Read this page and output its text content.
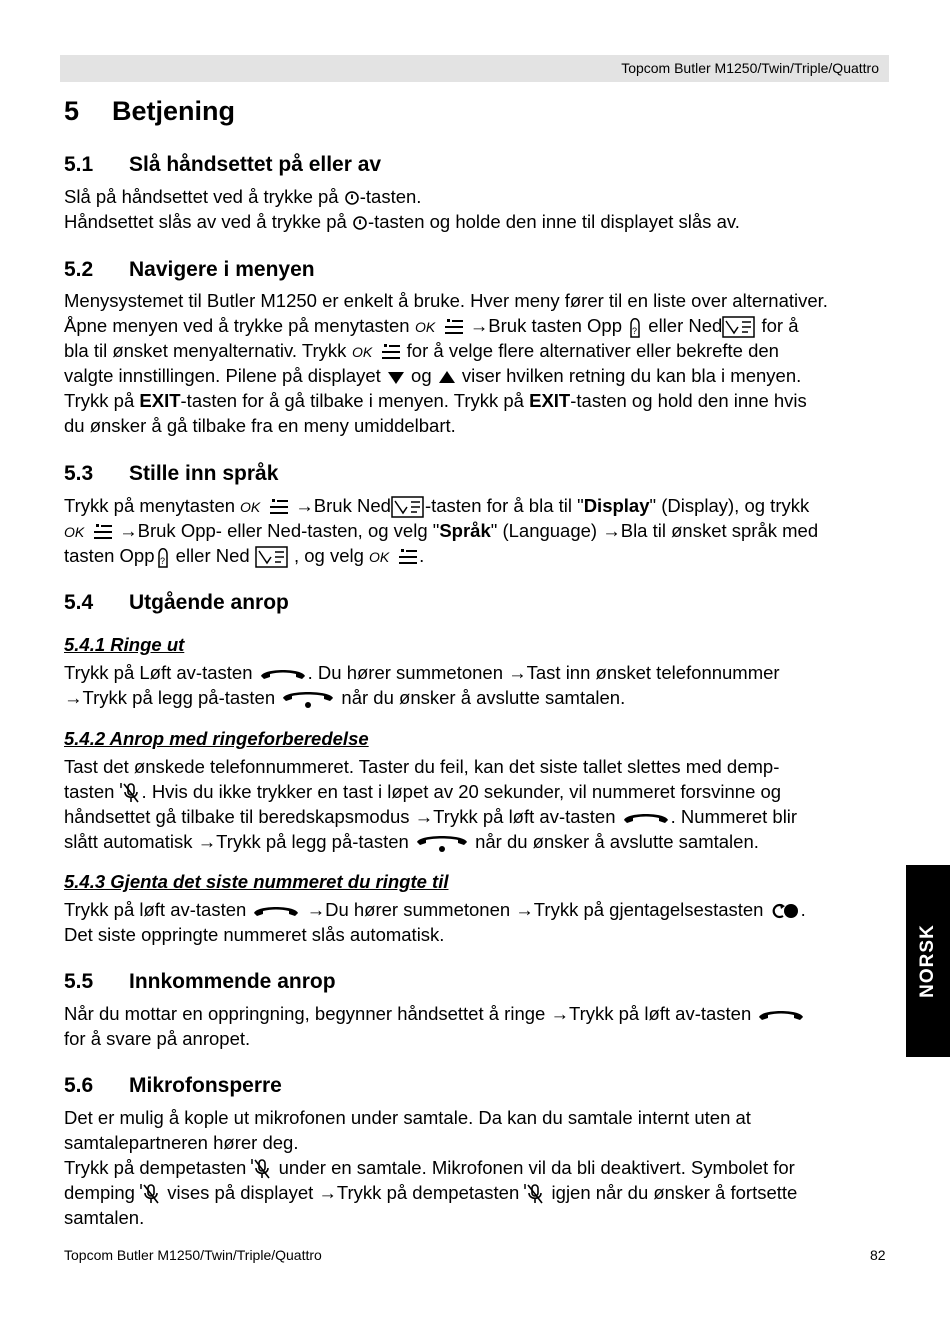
Topcom Butler M1250/Twin/Triple/Quattro
5 Betjening
5.1 Slå håndsettet på eller av
Slå på håndsettet ved å trykke på
-tasten.
Håndsettet slås av ved å trykke på
-tasten og holde den inne til displayet slås av.
5.2 Navigere i menyen
Menysystemet til Butler M1250 er enkelt å bruke. Hver meny fører til en liste over alternativer.
Åpne menyen ved å trykke på menytasten OK →Bruk tasten Opp ? eller Ned
for å
bla til ønsket menyalternativ. Trykk OK for å velge flere alternativer eller bekrefte den
valgte innstillingen. Pilene på displayet
og
viser hvilken retning du kan bla i menyen.
Trykk på EXIT-tasten for å gå tilbake i menyen. Trykk på EXIT-tasten og hold den inne hvis
du ønsker å gå tilbake fra en meny umiddelbart.
5.3 Stille inn språk
Trykk på menytasten OK →Bruk Ned -tasten for å bla til "Display" (Display), og trykk
OK →Bruk Opp- eller Ned-tasten, og velg "Språk" (Language) →Bla til ønsket språk med
tasten Opp ? eller Ned
, og velg OK .
5.4 Utgående anrop
5.4.1 Ringe ut
Trykk på Løft av-tasten	. Du hører summetonen →Tast inn ønsket telefonnummer
→Trykk på legg på-tasten	når du ønsker å avslutte samtalen.
5.4.2 Anrop med ringeforberedelse
Tast det ønskede telefonnummeret. Taster du feil, kan det siste tallet slettes med demp-
tasten
. Hvis du ikke trykker en tast i løpet av 20 sekunder, vil nummeret forsvinne og
håndsettet gå tilbake til beredskapsmodus →Trykk på løft av-tasten	. Nummeret blir
slått automatisk →Trykk på legg på-tasten	når du ønsker å avslutte samtalen.
5.4.3 Gjenta det siste nummeret du ringte til
Trykk på løft av-tasten	→Du hører summetonen →Trykk på gjentagelsestasten
.
Det siste oppringte nummeret slås automatisk.
5.5 Innkommende anrop
Når du mottar en oppringning, begynner håndsettet å ringe →Trykk på løft av-tasten
for å svare på anropet.
5.6 Mikrofonsperre
Det er mulig å kople ut mikrofonen under samtale. Da kan du samtale internt uten at
samtalepartneren hører deg.
Trykk på dempetasten
under en samtale. Mikrofonen vil da bli deaktivert. Symbolet for
demping
vises på displayet →Trykk på dempetasten
igjen når du ønsker å fortsette
samtalen.
NORSK
Topcom Butler M1250/Twin/Triple/Quattro	82
